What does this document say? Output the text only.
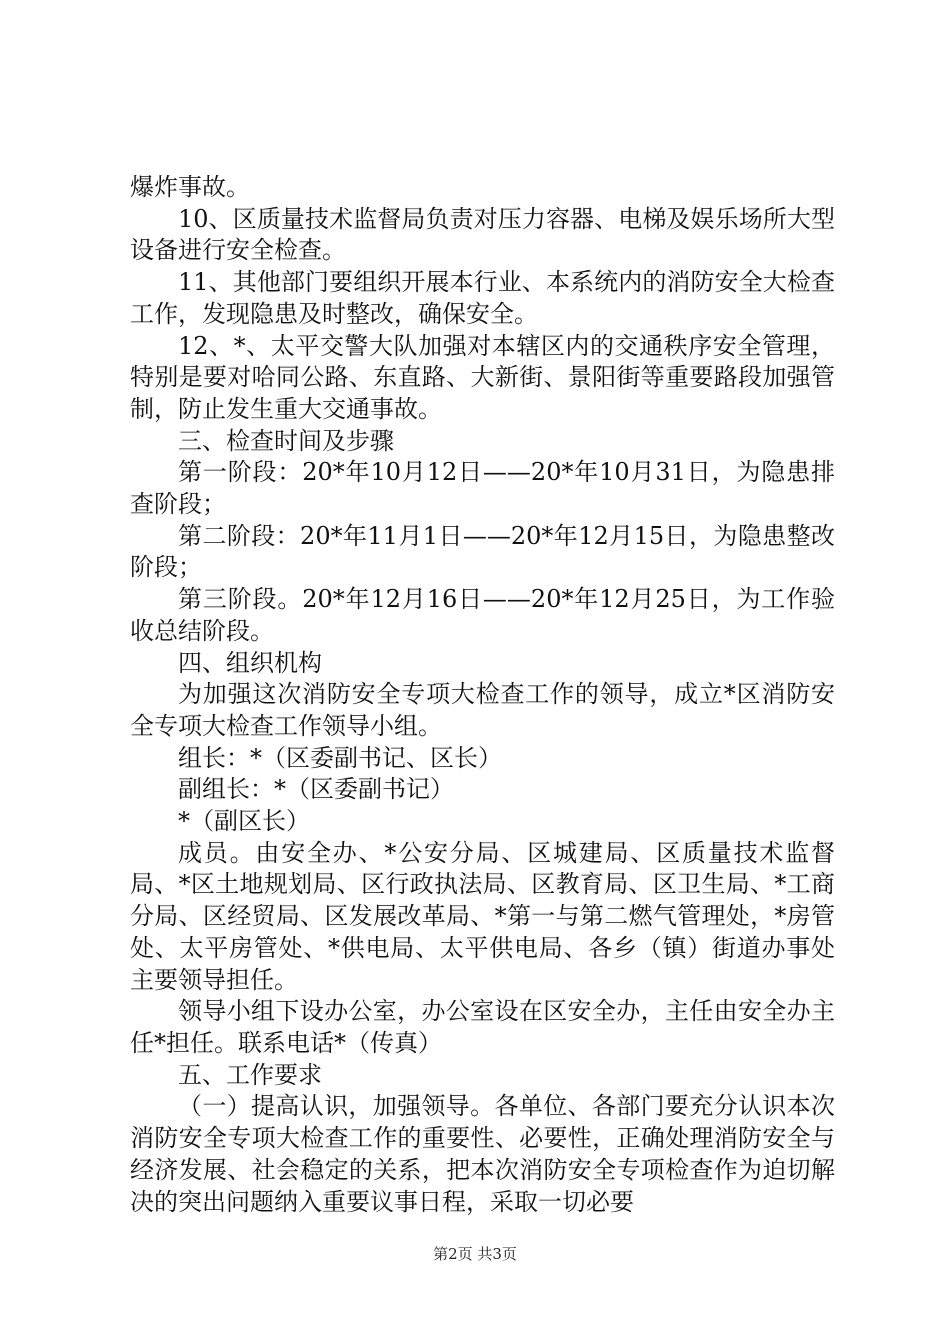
爆炸事故。

10、区质量技术监督局负责对压力容器、电梯及娱乐场所大型设备进行安全检查。

11、其他部门要组织开展本行业、本系统内的消防安全大检查工作，发现隐患及时整改，确保安全。

12、*、太平交警大队加强对本辖区内的交通秩序安全管理，特别是要对哈同公路、东直路、大新街、景阳街等重要路段加强管制，防止发生重大交通事故。

三、检查时间及步骤

第一阶段：20*年10月12日——20*年10月31日，为隐患排查阶段；

第二阶段：20*年11月1日——20*年12月15日，为隐患整改阶段；

第三阶段。20*年12月16日——20*年12月25日，为工作验收总结阶段。

四、组织机构

为加强这次消防安全专项大检查工作的领导，成立*区消防安全专项大检查工作领导小组。

组长：*（区委副书记、区长）

副组长：*（区委副书记）

*（副区长）

成员。由安全办、*公安分局、区城建局、区质量技术监督局、*区土地规划局、区行政执法局、区教育局、区卫生局、*工商分局、区经贸局、区发展改革局、*第一与第二燃气管理处，*房管处、太平房管处、*供电局、太平供电局、各乡（镇）街道办事处主要领导担任。

领导小组下设办公室，办公室设在区安全办，主任由安全办主任*担任。联系电话*（传真）

五、工作要求

（一）提高认识，加强领导。各单位、各部门要充分认识本次消防安全专项大检查工作的重要性、必要性，正确处理消防安全与经济发展、社会稳定的关系，把本次消防安全专项检查作为迫切解决的突出问题纳入重要议事日程，采取一切必要

第2页 共3页
